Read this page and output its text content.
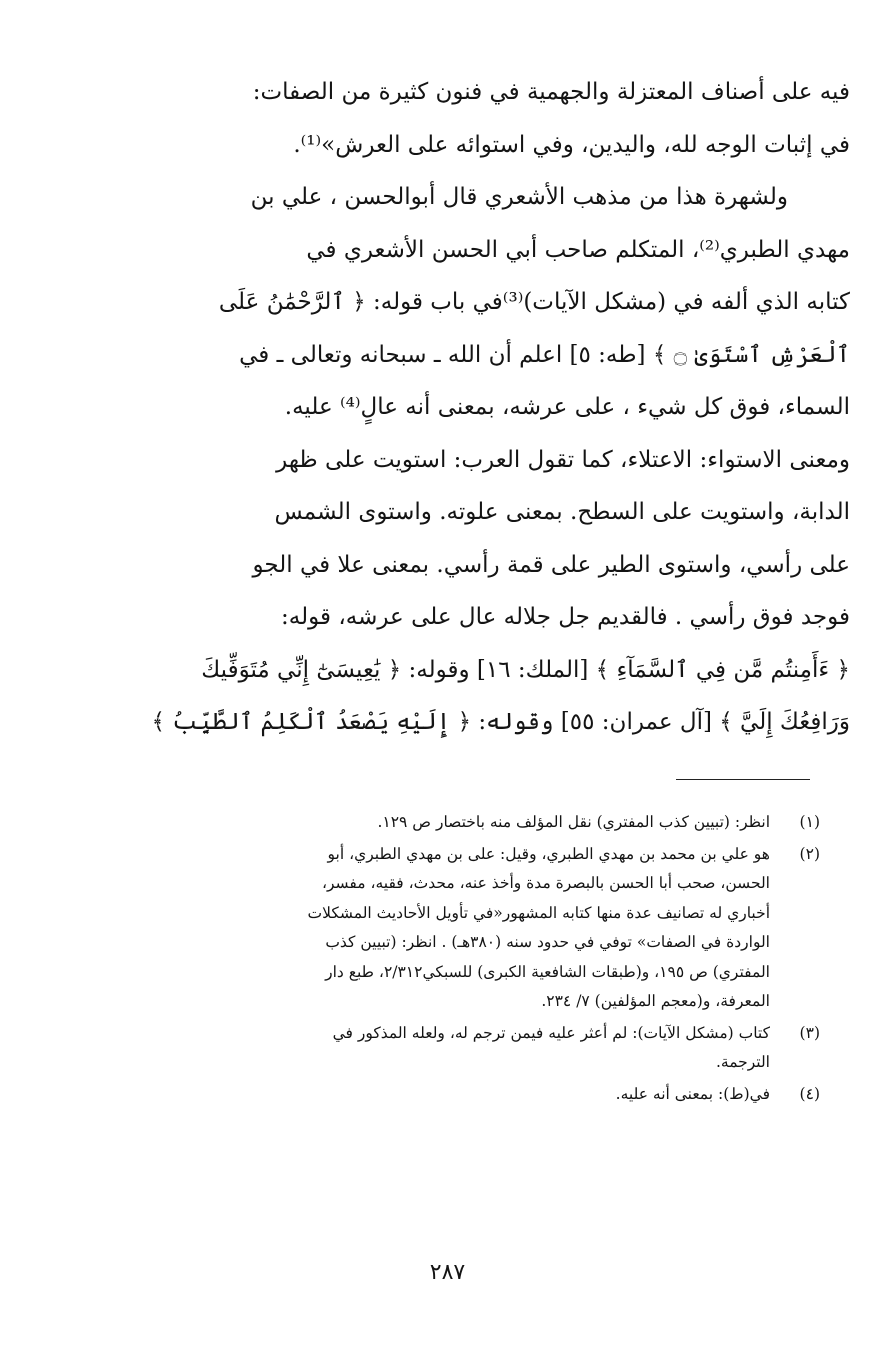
فيه على أصناف المعتزلة والجهمية في فنون كثيرة من الصفات:
في إثبات الوجه لله، واليدين، وفي استوائه على العرش»⁽¹⁾.
ولشهرة هذا من مذهب الأشعري قال أبوالحسن ، علي بن
مهدي الطبري⁽²⁾، المتكلم صاحب أبي الحسن الأشعري في
كتابه الذي ألفه في (مشكل الآيات)⁽³⁾في باب قوله: ﴿ ٱلرَّحْمَٰنُ عَلَى
ٱلْعَرْشِ ٱسْتَوَىٰ ۝ ﴾ [طه: ٥] اعلم أن الله ـ سبحانه وتعالى ـ في
السماء، فوق كل شيء ، على عرشه، بمعنى أنه عالٍ⁽⁴⁾ عليه.
ومعنى الاستواء: الاعتلاء، كما تقول العرب: استويت على ظهر
الدابة، واستويت على السطح. بمعنى علوته. واستوى الشمس
على رأسي، واستوى الطير على قمة رأسي. بمعنى علا في الجو
فوجد فوق رأسي . فالقديم جل جلاله عال على عرشه، قوله:
﴿ ءَأَمِنتُم مَّن فِي ٱلسَّمَآءِ ﴾ [الملك: ١٦] وقوله: ﴿ يَٰعِيسَىٰٓ إِنِّي مُتَوَفِّيكَ
وَرَافِعُكَ إِلَيَّ ﴾ [آل عمران: ٥٥] وقوله: ﴿ إِلَيْهِ يَصْعَدُ ٱلْكَلِمُ ٱلطَّيِّبُ ﴾
(١)
انظر: (تبيين كذب المفتري) نقل المؤلف منه باختصار ص ١٢٩.
(٢)
هو علي بن محمد بن مهدي الطبري، وقيل: على بن مهدي الطبري، أبو
الحسن، صحب أبا الحسن بالبصرة مدة وأخذ عنه، محدث، فقيه، مفسر،
أخباري له تصانيف عدة منها كتابه المشهور«في تأويل الأحاديث المشكلات
الواردة في الصفات» توفي في حدود سنه (٣٨٠هـ) . انظر: (تبيين كذب
المفتري) ص ١٩٥، و(طبقات الشافعية الكبرى) للسبكي٢/٣١٢، طبع دار
المعرفة، و(معجم المؤلفين) ٧/ ٢٣٤.
(٣)
كتاب (مشكل الآيات): لم أعثر عليه فيمن ترجم له، ولعله المذكور في
الترجمة.
(٤)
في(ط): بمعنى أنه عليه.
٢٨٧
